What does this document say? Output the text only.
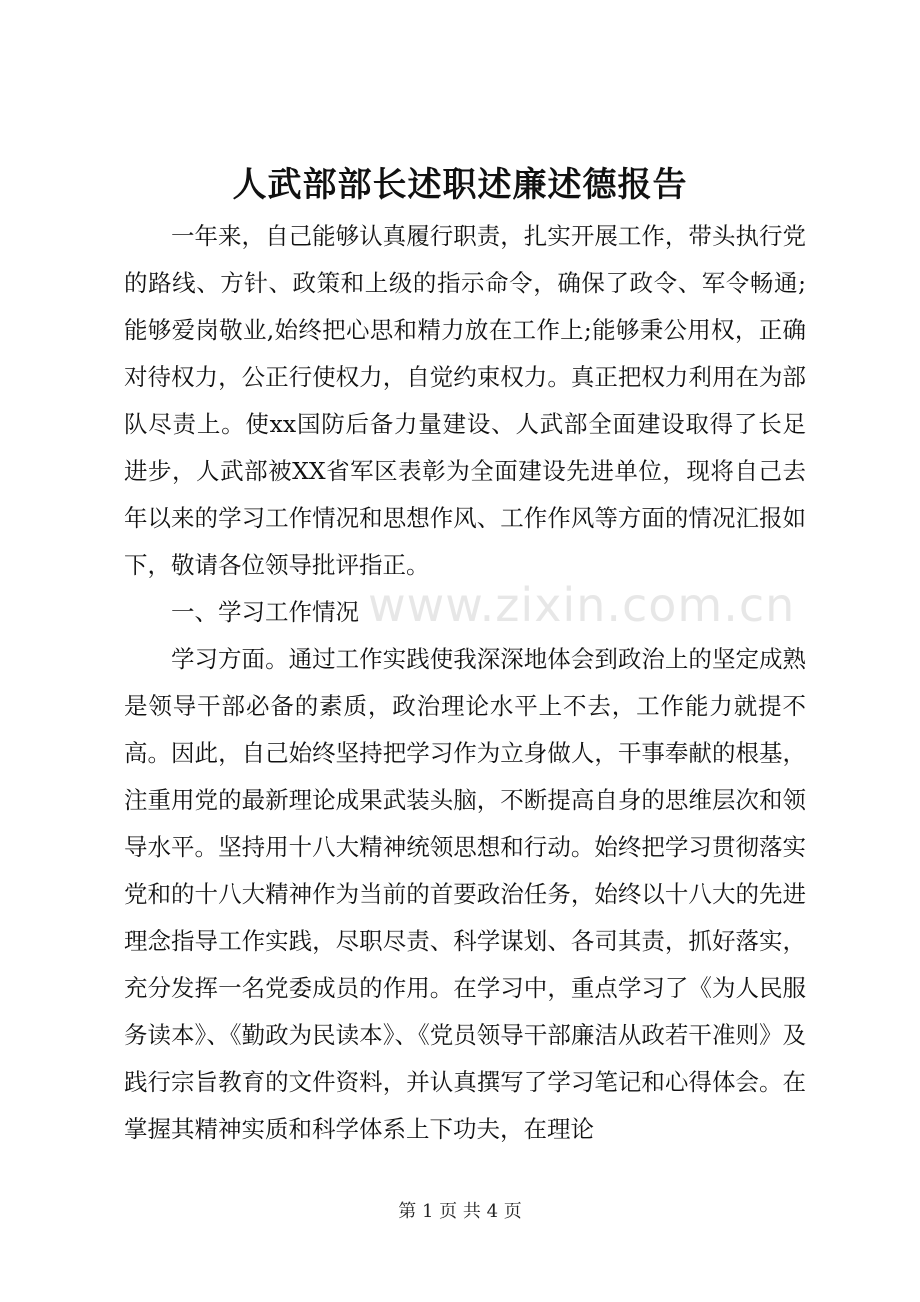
人武部部长述职述廉述德报告

一年来，自己能够认真履行职责，扎实开展工作，带头执行党的路线、方针、政策和上级的指示命令，确保了政令、军令畅通;能够爱岗敬业,始终把心思和精力放在工作上;能够秉公用权，正确对待权力，公正行使权力，自觉约束权力。真正把权力利用在为部队尽责上。使xx国防后备力量建设、人武部全面建设取得了长足进步，人武部被XX省军区表彰为全面建设先进单位，现将自己去年以来的学习工作情况和思想作风、工作作风等方面的情况汇报如下，敬请各位领导批评指正。

一、学习工作情况

学习方面。通过工作实践使我深深地体会到政治上的坚定成熟是领导干部必备的素质，政治理论水平上不去，工作能力就提不高。因此，自己始终坚持把学习作为立身做人，干事奉献的根基，注重用党的最新理论成果武装头脑，不断提高自身的思维层次和领导水平。坚持用十八大精神统领思想和行动。始终把学习贯彻落实党和的十八大精神作为当前的首要政治任务，始终以十八大的先进理念指导工作实践，尽职尽责、科学谋划、各司其责，抓好落实，充分发挥一名党委成员的作用。在学习中，重点学习了《为人民服务读本》、《勤政为民读本》、《党员领导干部廉洁从政若干准则》及践行宗旨教育的文件资料，并认真撰写了学习笔记和心得体会。在掌握其精神实质和科学体系上下功夫，在理论

www.zixin.com.cn
第 1 页 共 4 页
